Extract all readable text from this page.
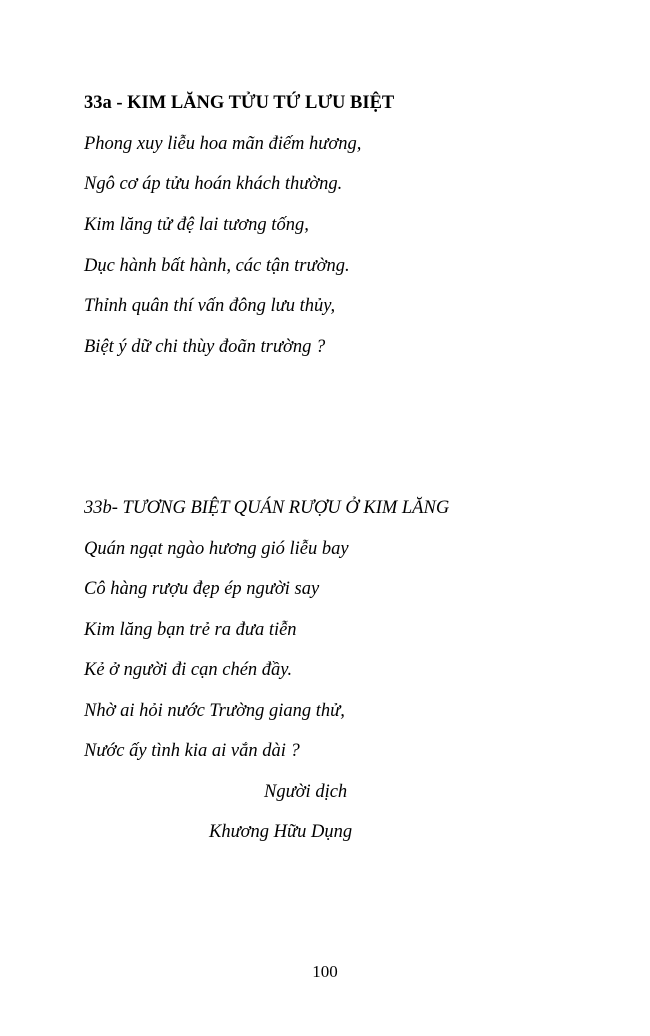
33a - KIM LĂNG TỬU TỨ LƯU BIỆT
Phong xuy liễu hoa mãn điếm hương,
Ngô cơ áp tửu hoán khách thường.
Kim lăng tử đệ lai tương tống,
Dục hành bất hành, các tận trường.
Thỉnh quân thí vấn đông lưu thủy,
Biệt ý dữ chi thùy đoãn trường ?
33b- TƯƠNG BIỆT QUÁN RƯỢU Ở KIM LĂNG
Quán ngạt ngào hương gió liễu bay
Cô hàng rượu đẹp ép người say
Kim lăng bạn trẻ ra đưa tiễn
Kẻ ở người đi cạn chén đầy.
Nhờ ai hỏi nước Trường giang thử,
Nước ấy tình kia ai vắn dài ?
Người dịch
Khương Hữu Dụng
100
